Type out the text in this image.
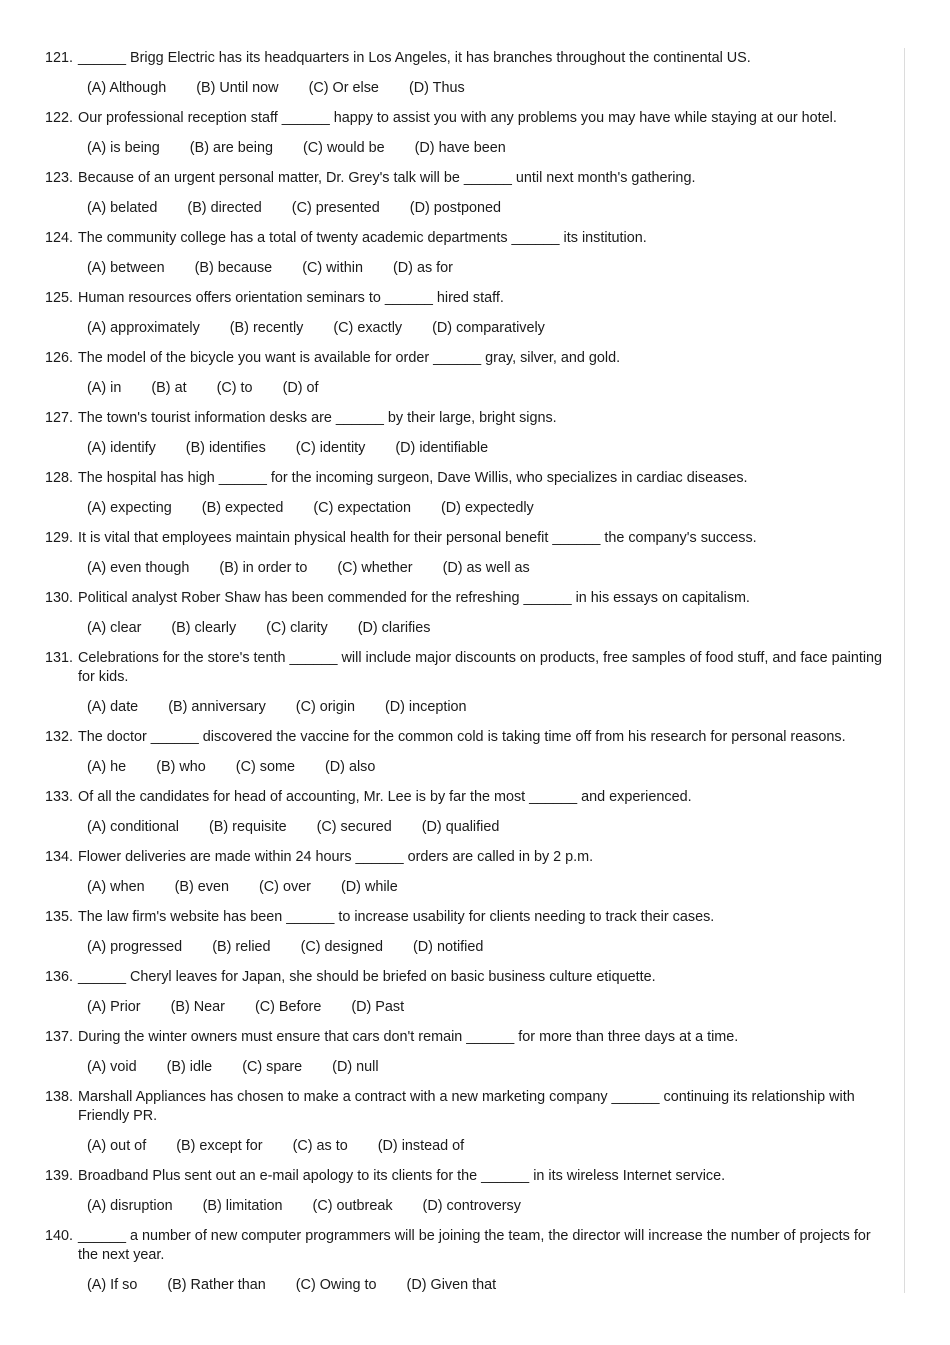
121. ______ Brigg Electric has its headquarters in Los Angeles, it has branches throughout the continental US.
(A) Although (B) Until now (C) Or else (D) Thus
122. Our professional reception staff ______ happy to assist you with any problems you may have while staying at our hotel.
(A) is being (B) are being (C) would be (D) have been
123. Because of an urgent personal matter, Dr. Grey's talk will be ______ until next month's gathering.
(A) belated (B) directed (C) presented (D) postponed
124. The community college has a total of twenty academic departments ______ its institution.
(A) between (B) because (C) within (D) as for
125. Human resources offers orientation seminars to ______ hired staff.
(A) approximately (B) recently (C) exactly (D) comparatively
126. The model of the bicycle you want is available for order ______ gray, silver, and gold.
(A) in (B) at (C) to (D) of
127. The town's tourist information desks are ______ by their large, bright signs.
(A) identify (B) identifies (C) identity (D) identifiable
128. The hospital has high ______ for the incoming surgeon, Dave Willis, who specializes in cardiac diseases.
(A) expecting (B) expected (C) expectation (D) expectedly
129. It is vital that employees maintain physical health for their personal benefit ______ the company's success.
(A) even though (B) in order to (C) whether (D) as well as
130. Political analyst Rober Shaw has been commended for the refreshing ______ in his essays on capitalism.
(A) clear (B) clearly (C) clarity (D) clarifies
131. Celebrations for the store's tenth ______ will include major discounts on products, free samples of food stuff, and face painting for kids.
(A) date (B) anniversary (C) origin (D) inception
132. The doctor ______ discovered the vaccine for the common cold is taking time off from his research for personal reasons.
(A) he (B) who (C) some (D) also
133. Of all the candidates for head of accounting, Mr. Lee is by far the most ______ and experienced.
(A) conditional (B) requisite (C) secured (D) qualified
134. Flower deliveries are made within 24 hours ______ orders are called in by 2 p.m.
(A) when (B) even (C) over (D) while
135. The law firm's website has been ______ to increase usability for clients needing to track their cases.
(A) progressed (B) relied (C) designed (D) notified
136. ______ Cheryl leaves for Japan, she should be briefed on basic business culture etiquette.
(A) Prior (B) Near (C) Before (D) Past
137. During the winter owners must ensure that cars don't remain ______ for more than three days at a time.
(A) void (B) idle (C) spare (D) null
138. Marshall Appliances has chosen to make a contract with a new marketing company ______ continuing its relationship with Friendly PR.
(A) out of (B) except for (C) as to (D) instead of
139. Broadband Plus sent out an e-mail apology to its clients for the ______ in its wireless Internet service.
(A) disruption (B) limitation (C) outbreak (D) controversy
140. ______ a number of new computer programmers will be joining the team, the director will increase the number of projects for the next year.
(A) If so (B) Rather than (C) Owing to (D) Given that
